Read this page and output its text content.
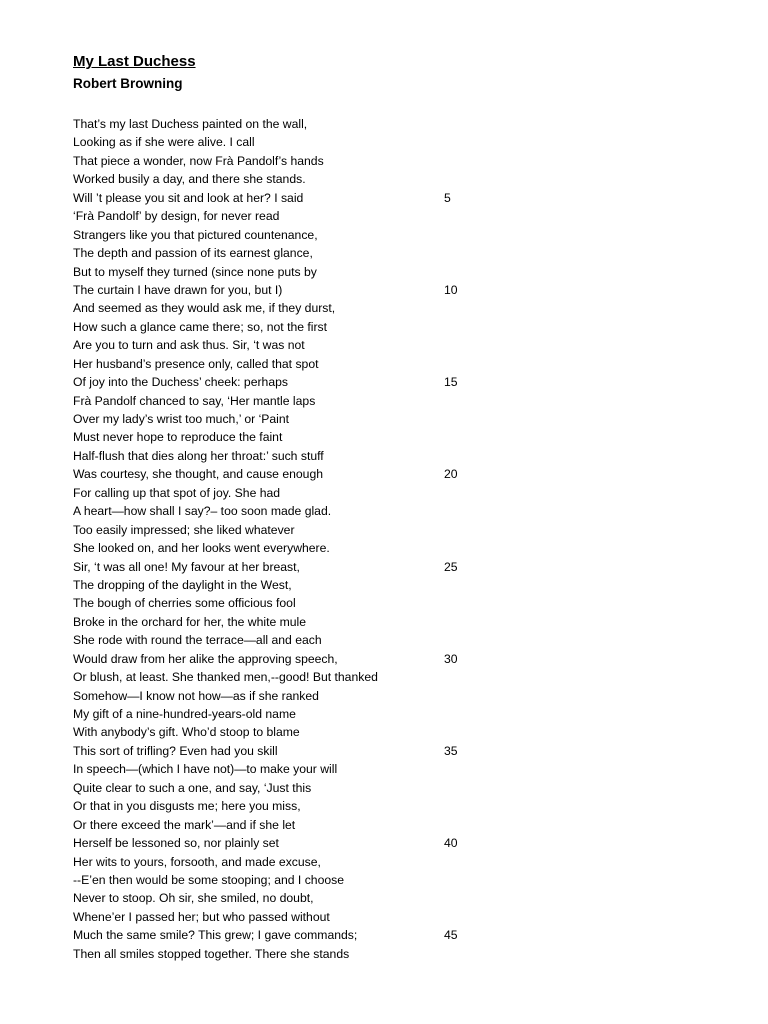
My Last Duchess
Robert Browning
That’s my last Duchess painted on the wall,
Looking as if she were alive. I call
That piece a wonder, now Frà Pandolf’s hands
Worked busily a day, and there she stands.
Will ’t please you sit and look at her? I said	5
‘Frà Pandolf’ by design, for never read
Strangers like you that pictured countenance,
The depth and passion of its earnest glance,
But to myself they turned (since none puts by
The curtain I have drawn for you, but I)	10
And seemed as they would ask me, if they durst,
How such a glance came there; so, not the first
Are you to turn and ask thus. Sir, ‘t was not
Her husband’s presence only, called that spot
Of joy into the Duchess’ cheek: perhaps	15
Frà Pandolf chanced to say, ‘Her mantle laps
Over my lady’s wrist too much,’ or ‘Paint
Must never hope to reproduce the faint
Half-flush that dies along her throat:’ such stuff
Was courtesy, she thought, and cause enough	20
For calling up that spot of joy. She had
A heart—how shall I say?– too soon made glad.
Too easily impressed; she liked whatever
She looked on, and her looks went everywhere.
Sir, ‘t was all one! My favour at her breast,	25
The dropping of the daylight in the West,
The bough of cherries some officious fool
Broke in the orchard for her, the white mule
She rode with round the terrace—all and each
Would draw from her alike the approving speech,	30
Or blush, at least. She thanked men,--good! But thanked
Somehow—I know not how—as if she ranked
My gift of a nine-hundred-years-old name
With anybody’s gift. Who’d stoop to blame
This sort of trifling? Even had you skill	35
In speech—(which I have not)—to make your will
Quite clear to such a one, and say, ‘Just this
Or that in you disgusts me; here you miss,
Or there exceed the mark’—and if she let
Herself be lessoned so, nor plainly set	40
Her wits to yours, forsooth, and made excuse,
--E’en then would be some stooping; and I choose
Never to stoop. Oh sir, she smiled, no doubt,
Whene’er I passed her; but who passed without
Much the same smile? This grew; I gave commands;	45
Then all smiles stopped together. There she stands
